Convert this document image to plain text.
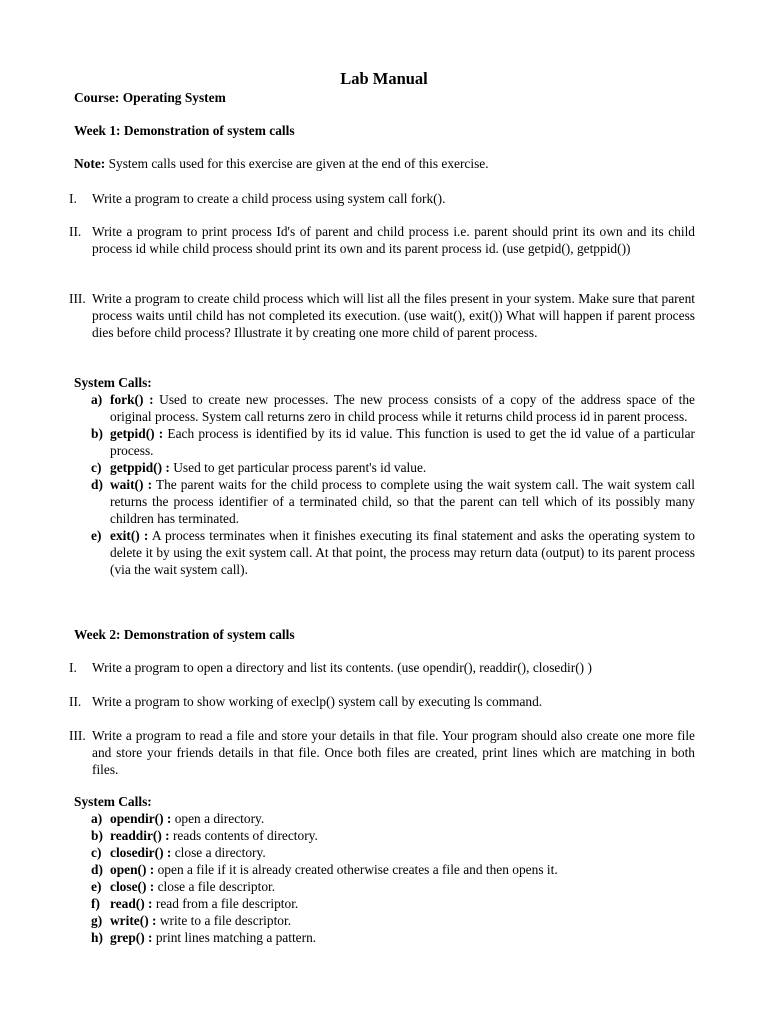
Lab Manual
Course: Operating System
Week 1: Demonstration of system calls
Note: System calls used for this exercise are given at the end of this exercise.
I. Write a program to create a child process using system call fork().
II. Write a program to print process Id's of parent and child process i.e. parent should print its own and its child process id while child process should print its own and its parent process id. (use getpid(), getppid())
III. Write a program to create child process which will list all the files present in your system. Make sure that parent process waits until child has not completed its execution. (use wait(), exit()) What will happen if parent process dies before child process? Illustrate it by creating one more child of parent process.
System Calls:
a) fork() : Used to create new processes. The new process consists of a copy of the address space of the original process. System call returns zero in child process while it returns child process id in parent process.
b) getpid() : Each process is identified by its id value. This function is used to get the id value of a particular process.
c) getppid() : Used to get particular process parent's id value.
d) wait() : The parent waits for the child process to complete using the wait system call. The wait system call returns the process identifier of a terminated child, so that the parent can tell which of its possibly many children has terminated.
e) exit() : A process terminates when it finishes executing its final statement and asks the operating system to delete it by using the exit system call. At that point, the process may return data (output) to its parent process (via the wait system call).
Week 2: Demonstration of system calls
I. Write a program to open a directory and list its contents. (use opendir(), readdir(), closedir() )
II. Write a program to show working of execlp() system call by executing ls command.
III. Write a program to read a file and store your details in that file. Your program should also create one more file and store your friends details in that file. Once both files are created, print lines which are matching in both files.
System Calls:
a) opendir() : open a directory.
b) readdir() : reads contents of directory.
c) closedir() : close a directory.
d) open() : open a file if it is already created otherwise creates a file and then opens it.
e) close() : close a file descriptor.
f) read() : read from a file descriptor.
g) write() : write to a file descriptor.
h) grep() : print lines matching a pattern.
